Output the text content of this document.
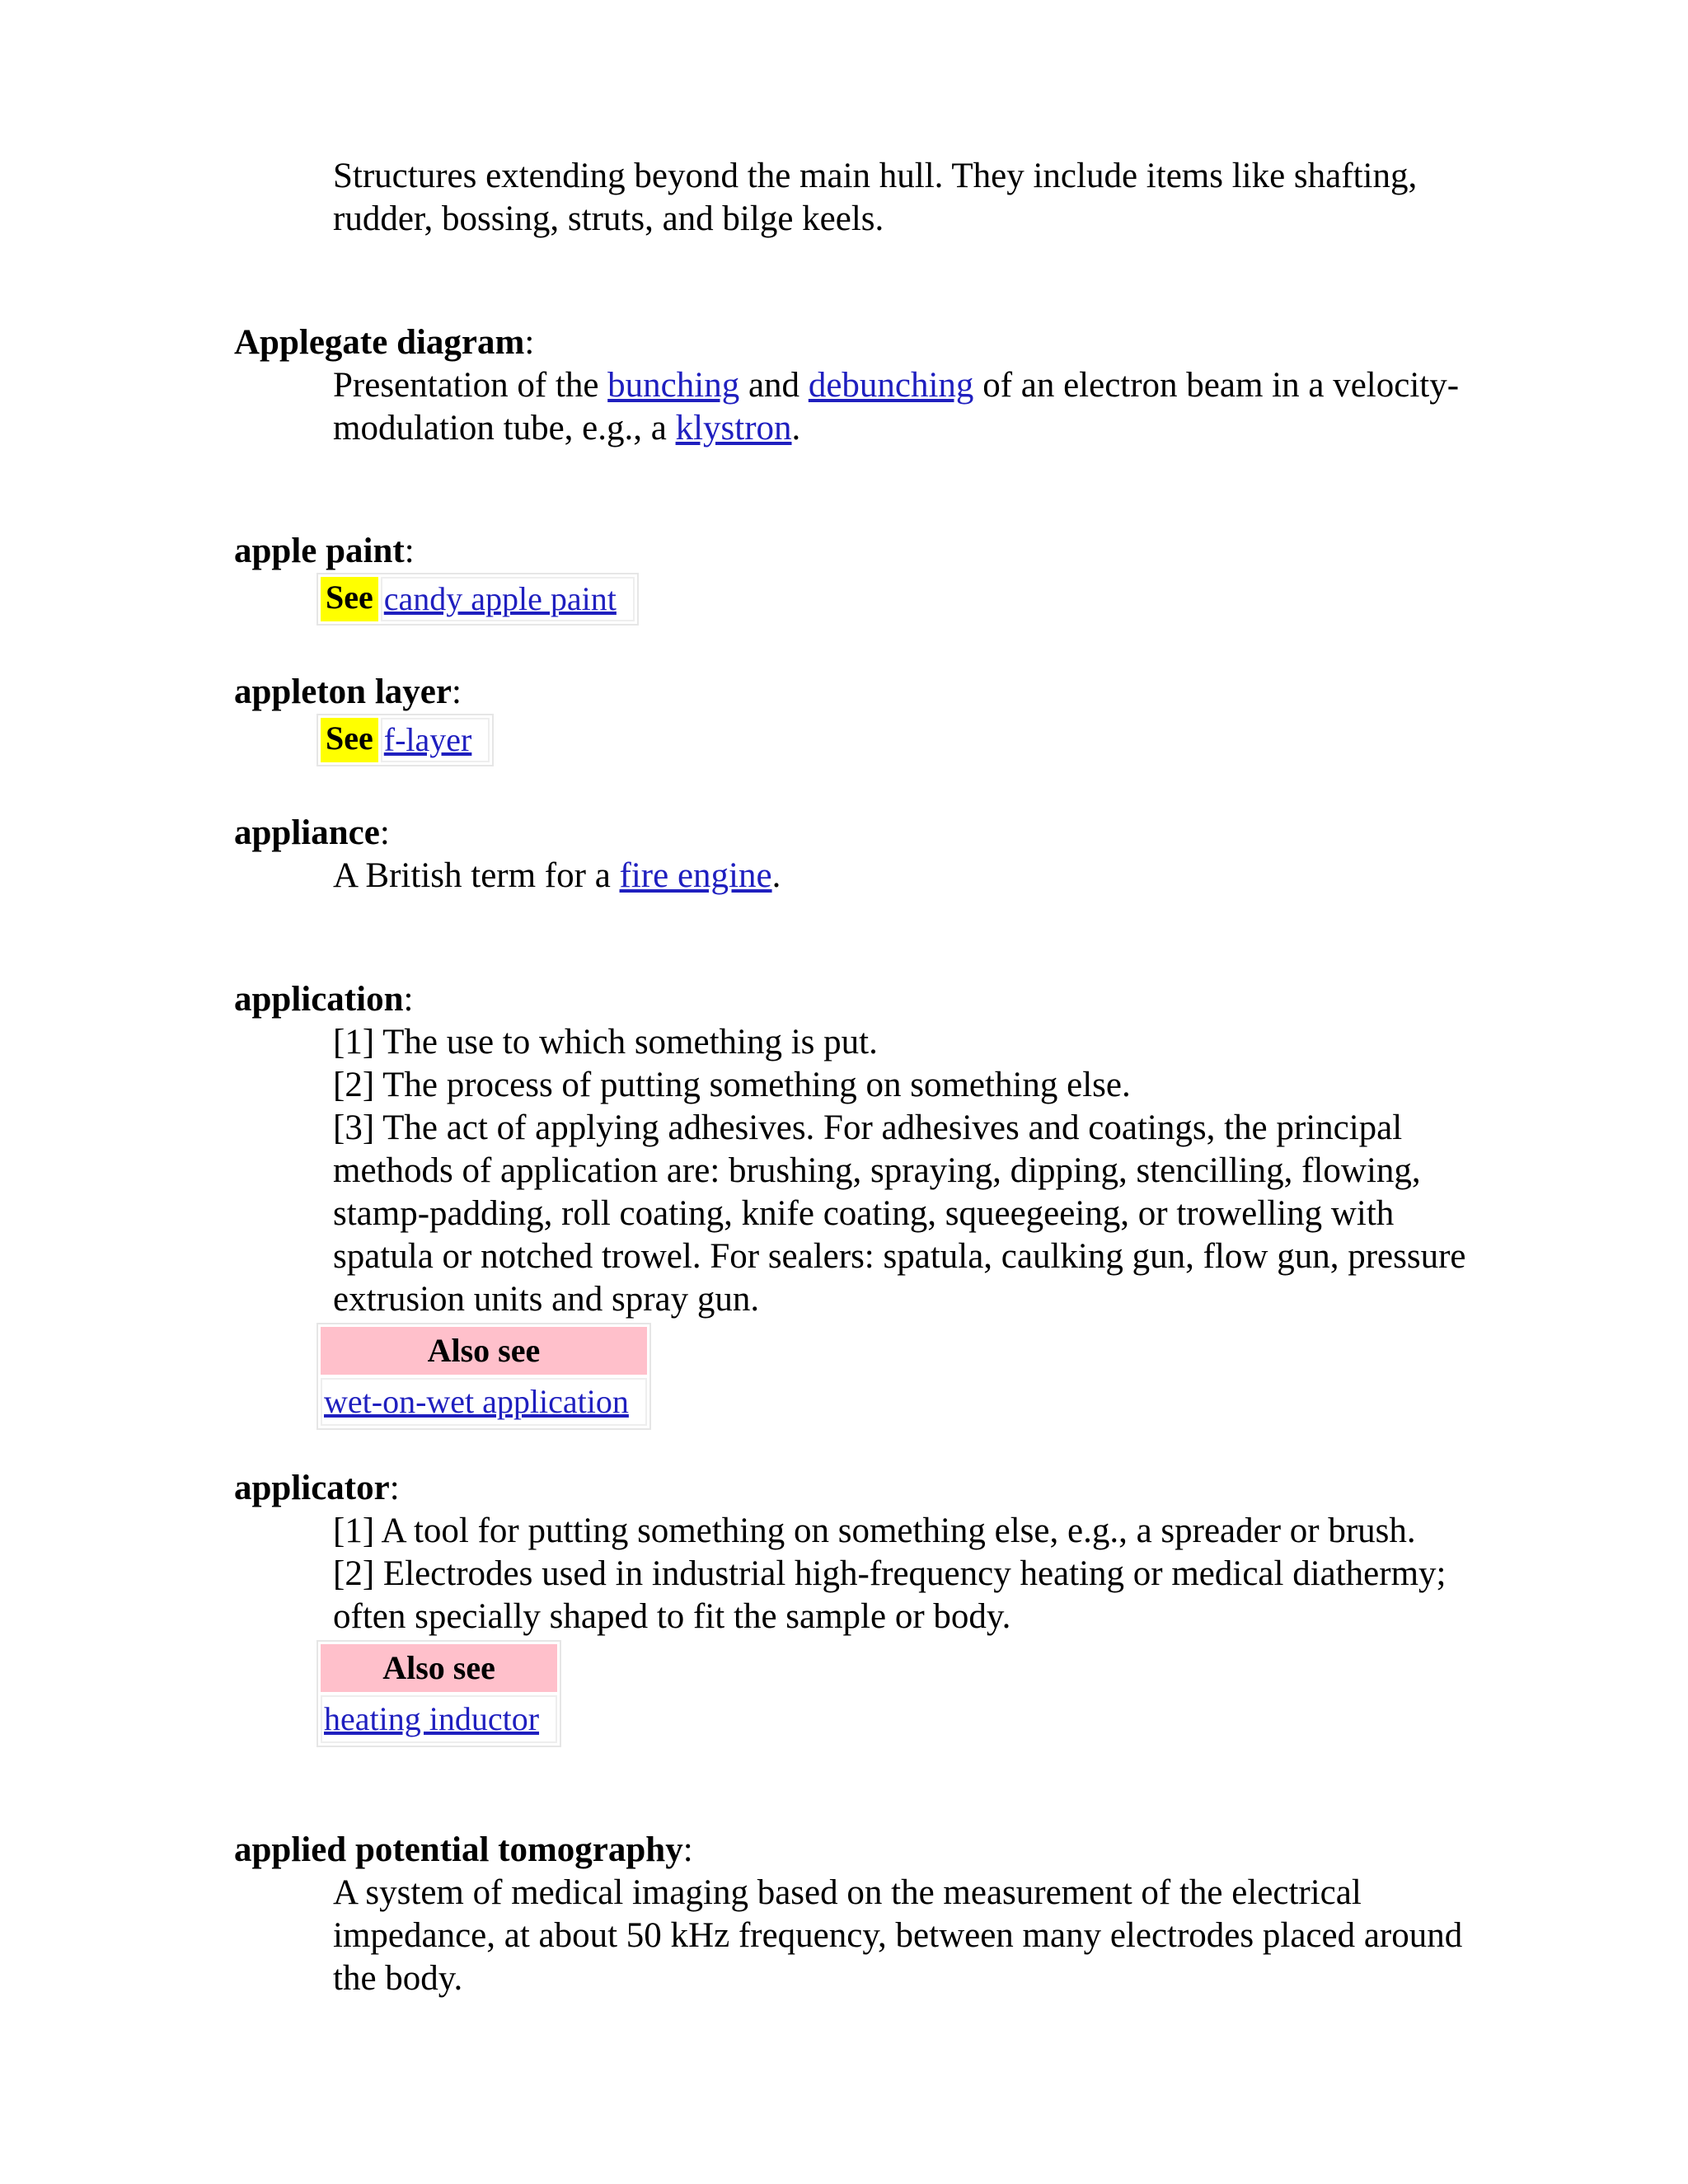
Structures extending beyond the main hull. They include items like shafting, rudder, bossing, struts, and bilge keels.

Applegate diagram:

Presentation of the bunching and debunching of an electron beam in a velocity-modulation tube, e.g., a klystron.

apple paint:

See candy apple paint

appleton layer:

See f-layer

appliance:

A British term for a fire engine.

application:

[1] The use to which something is put.

[2] The process of putting something on something else.

[3] The act of applying adhesives. For adhesives and coatings, the principal methods of application are: brushing, spraying, dipping, stencilling, flowing, stamp-padding, roll coating, knife coating, squeegeeing, or trowelling with spatula or notched trowel. For sealers: spatula, caulking gun, flow gun, pressure extrusion units and spray gun.

Also see
wet-on-wet application

applicator:

[1] A tool for putting something on something else, e.g., a spreader or brush.

[2] Electrodes used in industrial high-frequency heating or medical diathermy; often specially shaped to fit the sample or body.

Also see
heating inductor

applied potential tomography:

A system of medical imaging based on the measurement of the electrical impedance, at about 50 kHz frequency, between many electrodes placed around the body.
